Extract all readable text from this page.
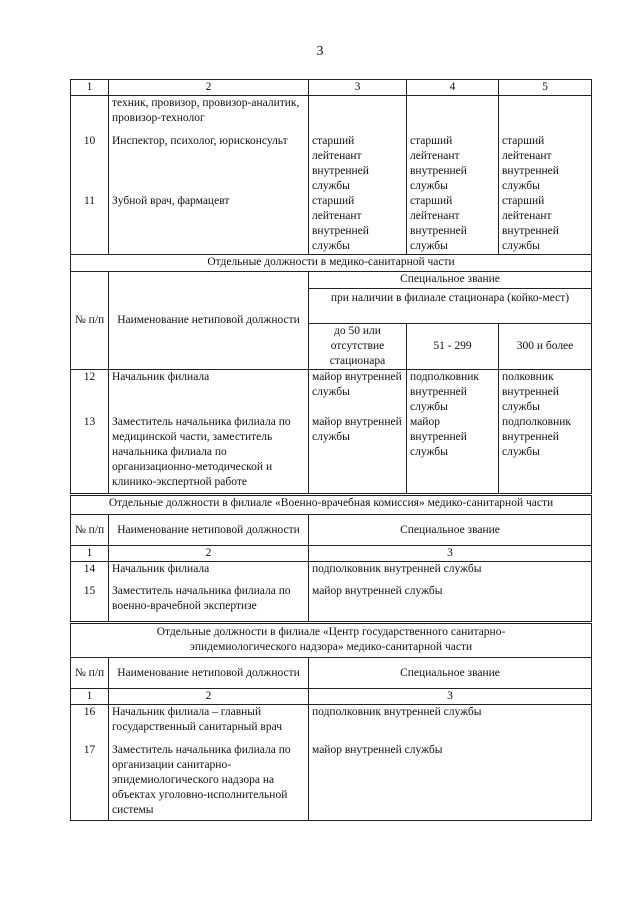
3
1	2	3	4	5
	техник, провизор, провизор-аналитик, провизор-технолог			
10	Инспектор, психолог, юрисконсульт	старший лейтенант внутренней службы	старший лейтенант внутренней службы	старший лейтенант внутренней службы
11	Зубной врач, фармацевт	старший лейтенант внутренней службы	старший лейтенант внутренней службы	старший лейтенант внутренней службы
Отдельные должности в медико-санитарной части				
№ п/п	Наименование нетиповой должности	Специальное звание		
		при наличии в филиале стационара (койко-мест)		
		до 50 или отсутствие стационара	51 - 299	300 и более
12	Начальник филиала	майор внутренней службы	подполковник внутренней службы	полковник внутренней службы
13	Заместитель начальника филиала по медицинской части, заместитель начальника филиала по организационно-методической и клинико-экспертной работе	майор внутренней службы	майор внутренней службы	подполковник внутренней службы
Отдельные должности в филиале «Военно-врачебная комиссия» медико-санитарной части		
№ п/п	Наименование нетиповой должности	Специальное звание
1	2	3
14	Начальник филиала	подполковник внутренней службы
15	Заместитель начальника филиала по военно-врачебной экспертизе	майор внутренней службы
Отдельные должности в филиале «Центр государственного санитарно-эпидемиологического надзора» медико-санитарной части		
№ п/п	Наименование нетиповой должности	Специальное звание
1	2	3
16	Начальник филиала – главный государственный санитарный врач	подполковник внутренней службы
17	Заместитель начальника филиала по организации санитарно-эпидемиологического надзора на объектах уголовно-исполнительной системы	майор внутренней службы
